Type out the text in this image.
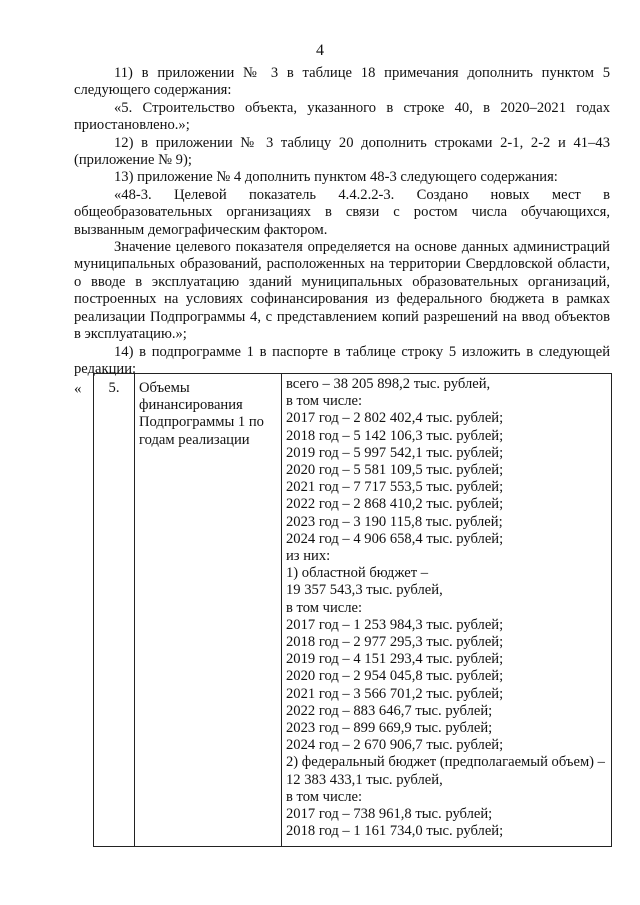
4

11) в приложении № 3 в таблице 18 примечания дополнить пунктом 5 следующего содержания:

«5. Строительство объекта, указанного в строке 40, в 2020–2021 годах приостановлено.»;

12) в приложении № 3 таблицу 20 дополнить строками 2-1, 2-2 и 41–43 (приложение № 9);

13) приложение № 4 дополнить пунктом 48-3 следующего содержания:

«48-3. Целевой показатель 4.4.2.2-3. Создано новых мест в общеобразовательных организациях в связи с ростом числа обучающихся, вызванным демографическим фактором.

Значение целевого показателя определяется на основе данных администраций муниципальных образований, расположенных на территории Свердловской области, о вводе в эксплуатацию зданий муниципальных образовательных организаций, построенных на условиях софинансирования из федерального бюджета в рамках реализации Подпрограммы 4, с представлением копий разрешений на ввод объектов в эксплуатацию.»;

14) в подпрограмме 1 в паспорте в таблице строку 5 изложить в следующей редакции:

« 5.	Объемы финансирования Подпрограммы 1 по годам реализации	
всего – 38 205 898,2 тыс. рублей,
в том числе:
2017 год – 2 802 402,4 тыс. рублей;
2018 год – 5 142 106,3 тыс. рублей;
2019 год – 5 997 542,1 тыс. рублей;
2020 год – 5 581 109,5 тыс. рублей;
2021 год – 7 717 553,5 тыс. рублей;
2022 год – 2 868 410,2 тыс. рублей;
2023 год – 3 190 115,8 тыс. рублей;
2024 год – 4 906 658,4 тыс. рублей;
из них:
1) областной бюджет –
19 357 543,3 тыс. рублей,
в том числе:
2017 год – 1 253 984,3 тыс. рублей;
2018 год – 2 977 295,3 тыс. рублей;
2019 год – 4 151 293,4 тыс. рублей;
2020 год – 2 954 045,8 тыс. рублей;
2021 год – 3 566 701,2 тыс. рублей;
2022 год – 883 646,7 тыс. рублей;
2023 год – 899 669,9 тыс. рублей;
2024 год – 2 670 906,7 тыс. рублей;
2) федеральный бюджет (предполагаемый объем) – 12 383 433,1 тыс. рублей,
в том числе:
2017 год – 738 961,8 тыс. рублей;
2018 год – 1 161 734,0 тыс. рублей;
